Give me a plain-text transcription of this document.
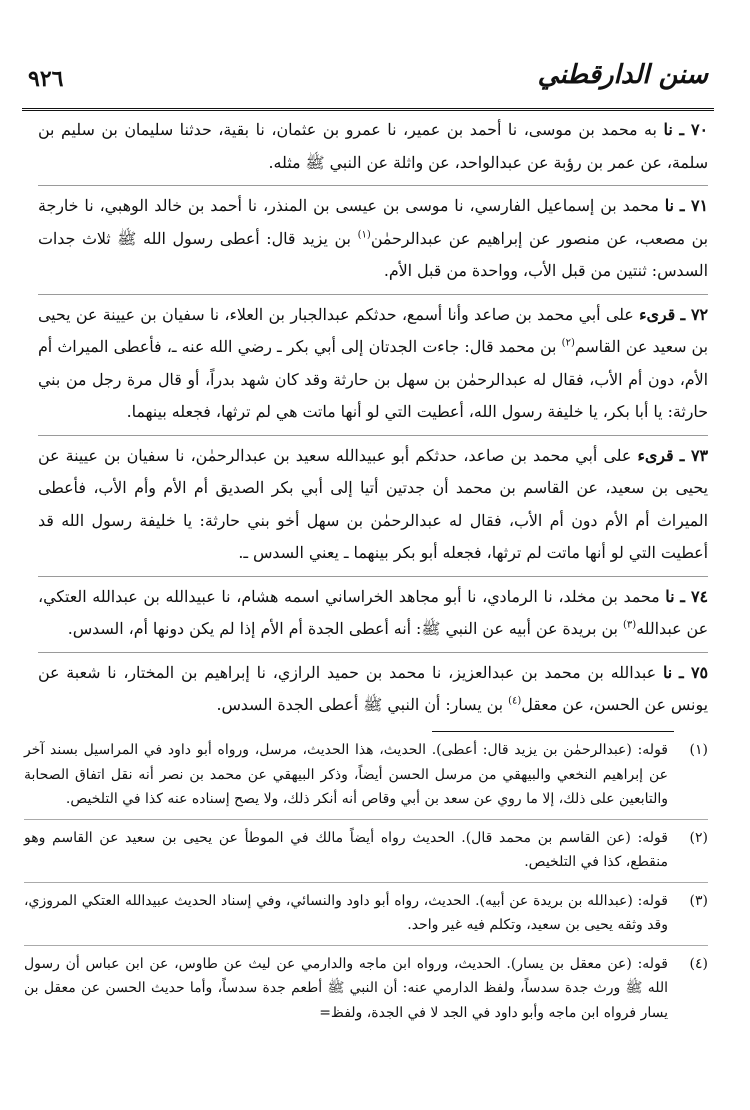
٩٢٦	سنن الدارقطني

٧٠ ـ نا به محمد بن موسى، نا أحمد بن عمير، نا عمرو بن عثمان، نا بقية، حدثنا سليمان بن سليم بن سلمة، عن عمر بن رؤبة عن عبدالواحد، عن واثلة عن النبي ﷺ مثله.

٧١ ـ نا محمد بن إسماعيل الفارسي، نا موسى بن عيسى بن المنذر، نا أحمد بن خالد الوهبي، نا خارجة بن مصعب، عن منصور عن إبراهيم عن عبدالرحمٰن$^{(١)}$ بن يزيد قال: أعطى رسول الله ﷺ ثلاث جدات السدس: ثنتين من قبل الأب، وواحدة من قبل الأم.

٧٢ ـ قرىء على أبي محمد بن صاعد وأنا أسمع، حدثكم عبدالجبار بن العلاء، نا سفيان بن عيينة عن يحيى بن سعيد عن القاسم$^{(٢)}$ بن محمد قال: جاءت الجدتان إلى أبي بكر ـ رضي الله عنه ـ، فأعطى الميراث أم الأم، دون أم الأب، فقال له عبدالرحمٰن بن سهل بن حارثة وقد كان شهد بدراً، أو قال مرة رجل من بني حارثة: يا أبا بكر، يا خليفة رسول الله، أعطيت التي لو أنها ماتت هي لم ترثها، فجعله بينهما.

٧٣ ـ قرىء على أبي محمد بن صاعد، حدثكم أبو عبيدالله سعيد بن عبدالرحمٰن، نا سفيان بن عيينة عن يحيى بن سعيد، عن القاسم بن محمد أن جدتين أتيا إلى أبي بكر الصديق أم الأم وأم الأب، فأعطى الميراث أم الأم دون أم الأب، فقال له عبدالرحمٰن بن سهل أخو بني حارثة: يا خليفة رسول الله قد أعطيت التي لو أنها ماتت لم ترثها، فجعله أبو بكر بينهما ـ يعني السدس ـ.

٧٤ ـ نا محمد بن مخلد، نا الرمادي، نا أبو مجاهد الخراساني اسمه هشام، نا عبيدالله بن عبدالله العتكي، عن عبدالله$^{(٣)}$ بن بريدة عن أبيه عن النبي ﷺ: أنه أعطى الجدة أم الأم إذا لم يكن دونها أم، السدس.

٧٥ ـ نا عبدالله بن محمد بن عبدالعزيز، نا محمد بن حميد الرازي، نا إبراهيم بن المختار، نا شعبة عن يونس عن الحسن، عن معقل$^{(٤)}$ بن يسار: أن النبي ﷺ أعطى الجدة السدس.

(١)
قوله: (عبدالرحمٰن بن يزيد قال: أعطى). الحديث، هذا الحديث، مرسل، ورواه أبو داود في المراسيل بسند آخر عن إبراهيم النخعي والبيهقي من مرسل الحسن أيضاً، وذكر البيهقي عن محمد بن نصر أنه نقل اتفاق الصحابة والتابعين على ذلك، إلا ما روي عن سعد بن أبي وقاص أنه أنكر ذلك، ولا يصح إسناده عنه كذا في التلخيص.
(٢)
قوله: (عن القاسم بن محمد قال). الحديث رواه أيضاً مالك في الموطأ عن يحيى بن سعيد عن القاسم وهو منقطع، كذا في التلخيص.
(٣)
قوله: (عبدالله بن بريدة عن أبيه). الحديث، رواه أبو داود والنسائي، وفي إسناد الحديث عبيدالله العتكي المروزي، وقد وثقه يحيى بن سعيد، وتكلم فيه غير واحد.
(٤)
قوله: (عن معقل بن يسار). الحديث، ورواه ابن ماجه والدارمي عن ليث عن طاوس، عن ابن عباس أن رسول الله ﷺ ورث جدة سدساً، ولفظ الدارمي عنه: أن النبي ﷺ أطعم جدة سدساً، وأما حديث الحسن عن معقل بن يسار فرواه ابن ماجه وأبو داود في الجد لا في الجدة، ولفظ=
